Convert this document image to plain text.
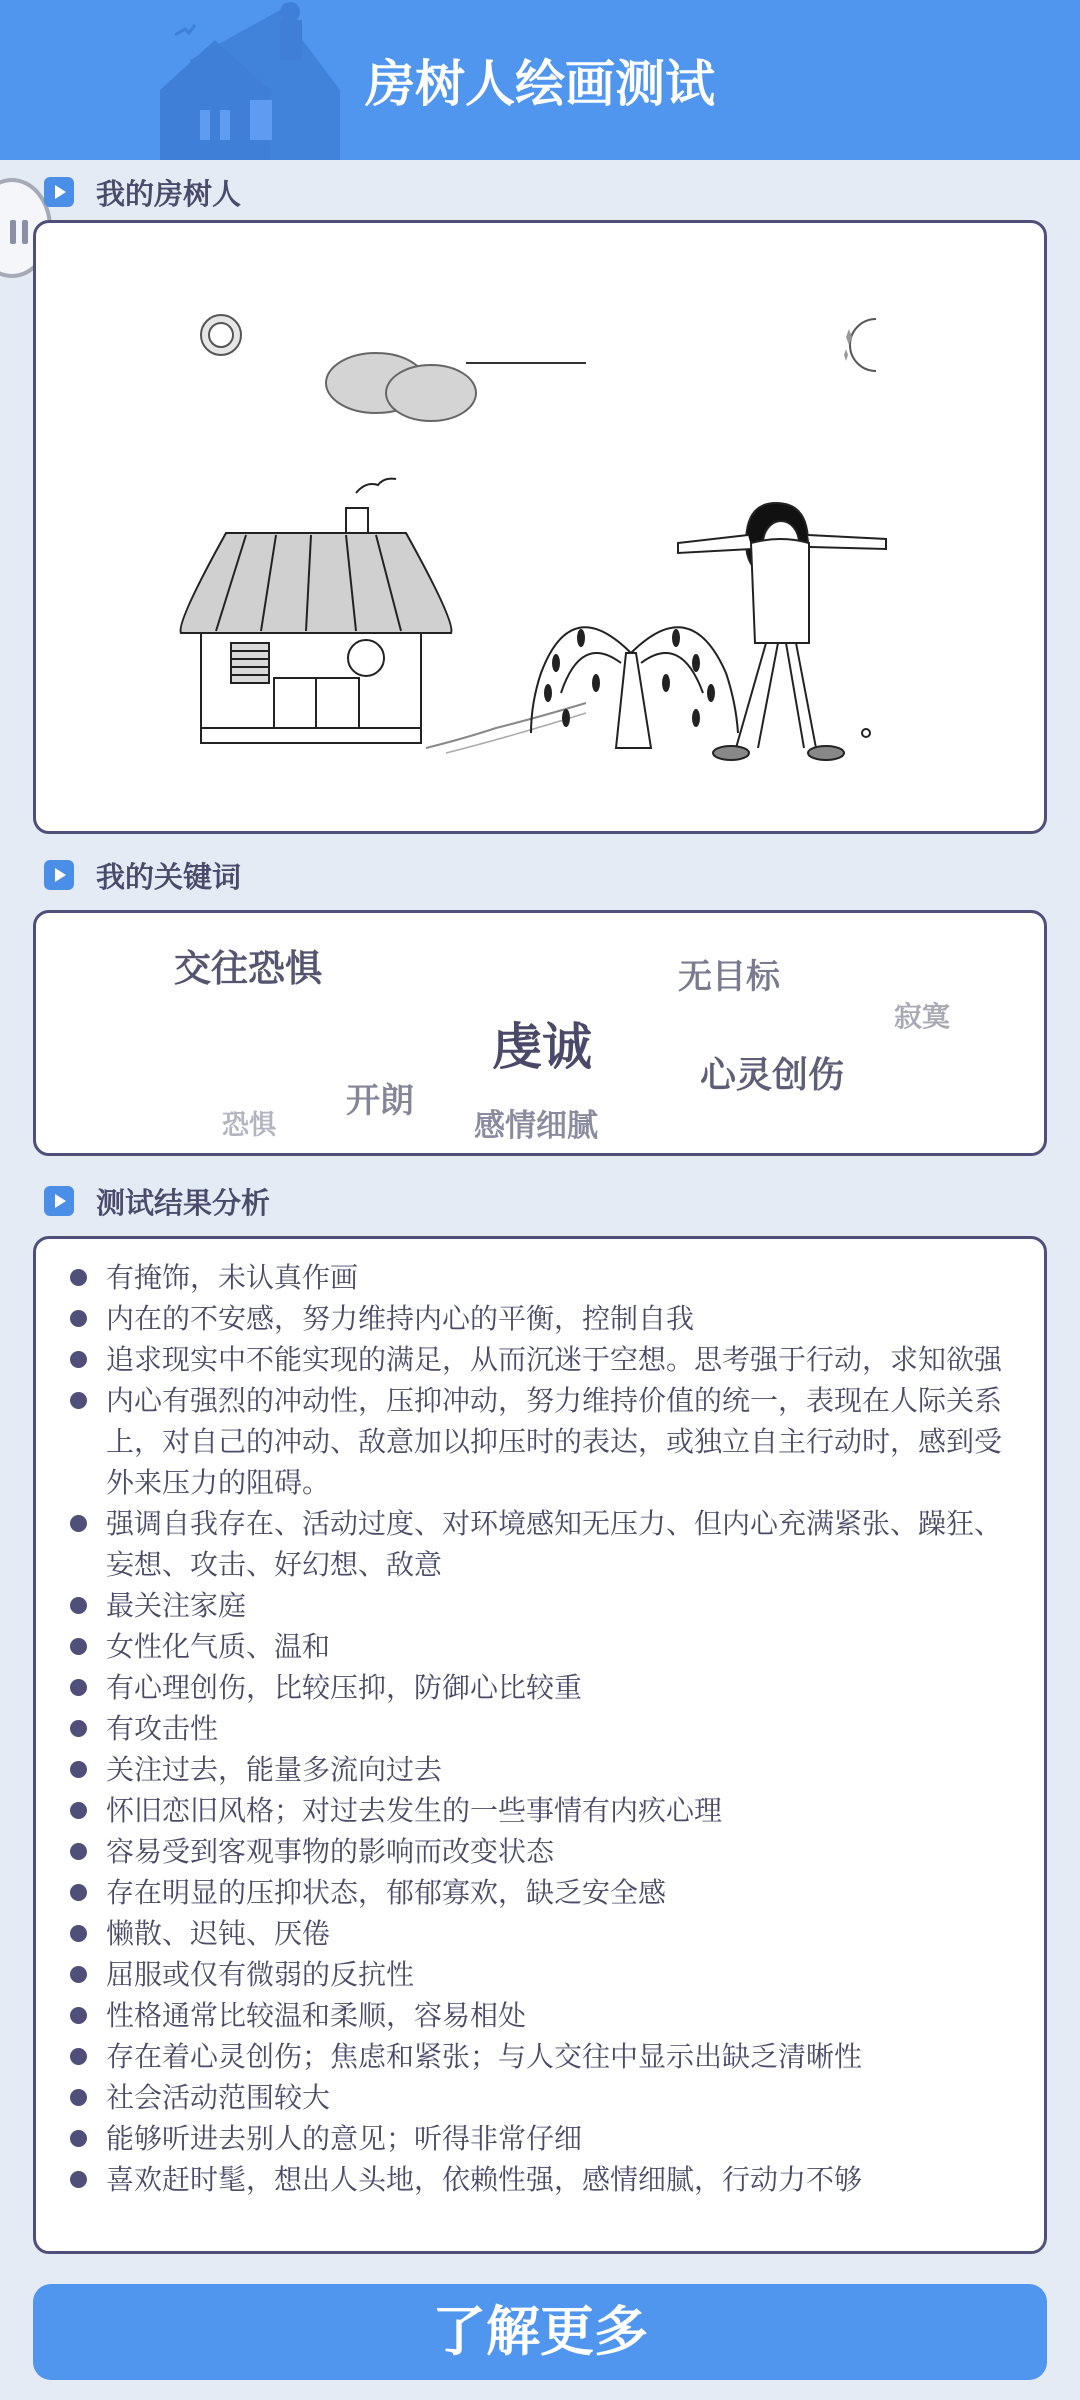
房树人绘画测试
我的房树人
我的关键词
交往恐惧	无目标
寂寞
虔诚	心灵创伤
开朗
感情细腻
恐惧
测试结果分析
有掩饰，未认真作画
内在的不安感，努力维持内心的平衡，控制自我
追求现实中不能实现的满足，从而沉迷于空想。思考强于行动，求知欲强
内心有强烈的冲动性，压抑冲动，努力维持价值的统一，表现在人际关系上，对自己的冲动、敌意加以抑压时的表达，或独立自主行动时，感到受外来压力的阻碍。
强调自我存在、活动过度、对环境感知无压力、但内心充满紧张、躁狂、妄想、攻击、好幻想、敌意
最关注家庭
女性化气质、温和
有心理创伤，比较压抑，防御心比较重
有攻击性
关注过去，能量多流向过去
怀旧恋旧风格；对过去发生的一些事情有内疚心理
容易受到客观事物的影响而改变状态
存在明显的压抑状态，郁郁寡欢，缺乏安全感
懒散、迟钝、厌倦
屈服或仅有微弱的反抗性
性格通常比较温和柔顺，容易相处
存在着心灵创伤；焦虑和紧张；与人交往中显示出缺乏清晰性
社会活动范围较大
能够听进去别人的意见；听得非常仔细
喜欢赶时髦，想出人头地，依赖性强，感情细腻，行动力不够
了解更多
